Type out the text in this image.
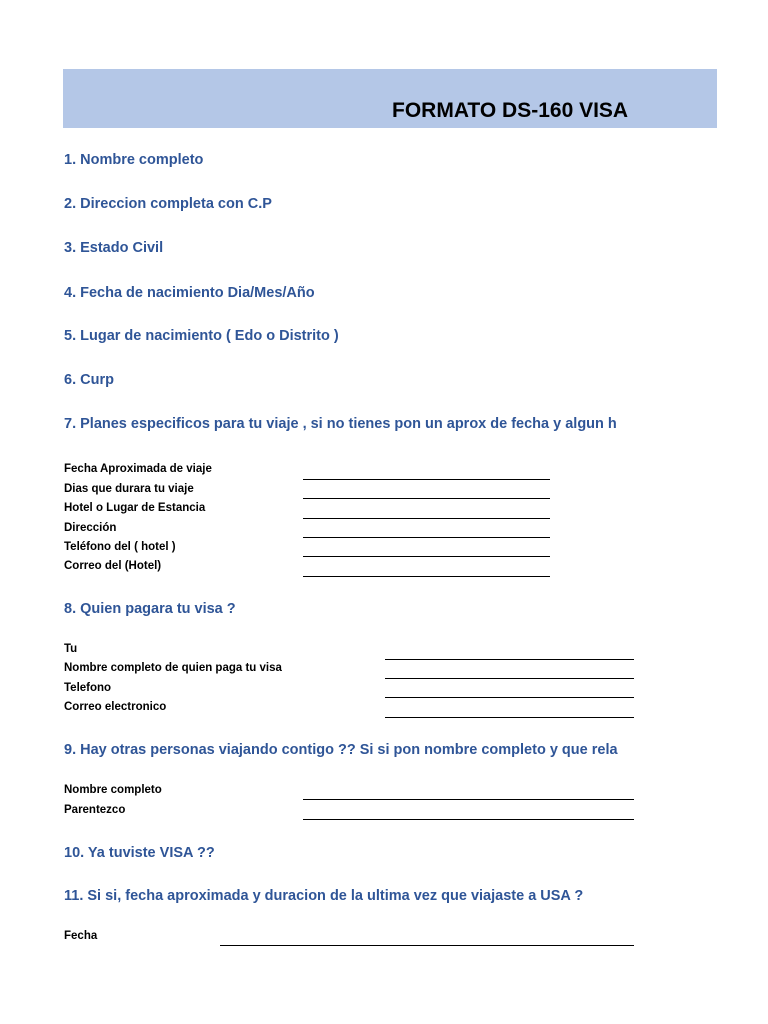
FORMATO DS-160 VISA
1. Nombre completo
2. Direccion completa con C.P
3. Estado Civil
4. Fecha de nacimiento Dia/Mes/Año
5. Lugar de nacimiento ( Edo o Distrito )
6. Curp
7. Planes especificos para tu viaje , si no tienes pon un aprox de fecha y algun h
Fecha Aproximada de viaje
Dias que durara tu viaje
Hotel o Lugar de Estancia
Dirección
Teléfono del ( hotel )
Correo del (Hotel)
8. Quien pagara tu visa ?
Tu
Nombre completo de quien paga tu visa
Telefono
Correo electronico
9. Hay otras personas viajando contigo ?? Si si pon nombre completo y que rela
Nombre completo
Parentezco
10. Ya tuviste VISA ??
11. Si si, fecha aproximada y duracion de la ultima vez que viajaste a USA ?
Fecha
